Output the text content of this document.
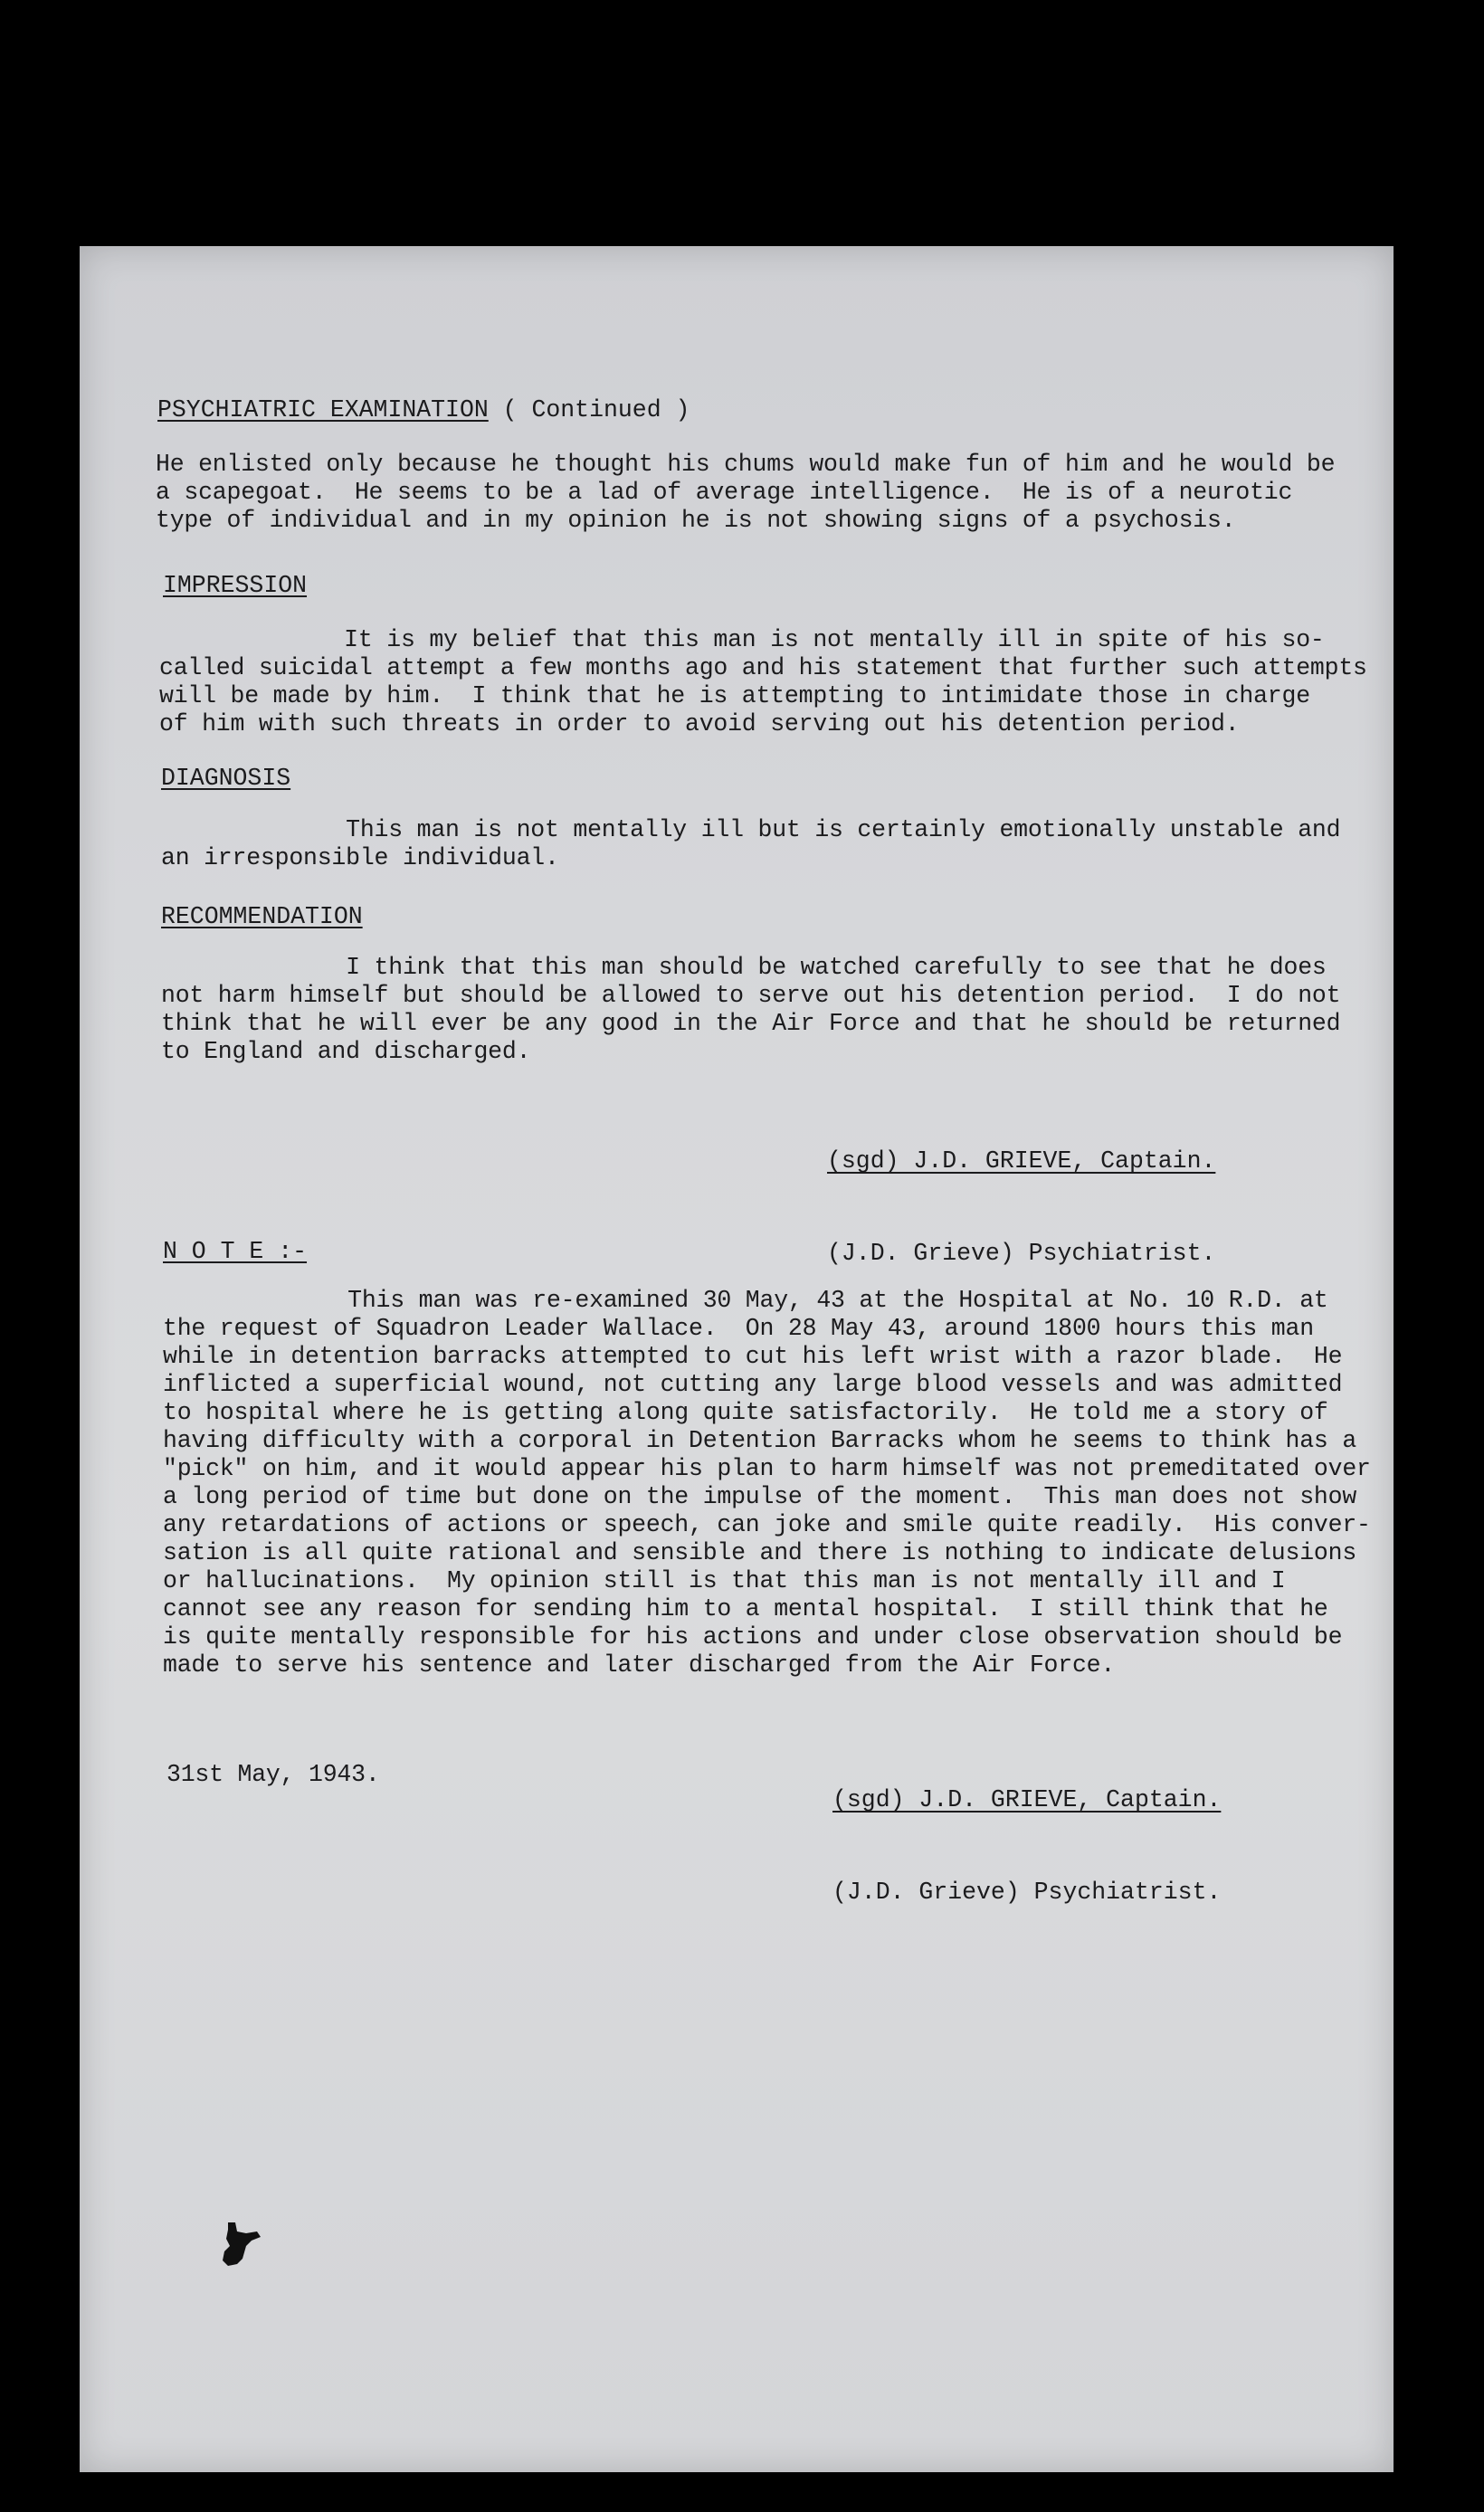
PSYCHIATRIC EXAMINATION ( Continued )
He enlisted only because he thought his chums would make fun of him and he would be
a scapegoat.  He seems to be a lad of average intelligence.  He is of a neurotic
type of individual and in my opinion he is not showing signs of a psychosis.
IMPRESSION
It is my belief that this man is not mentally ill in spite of his so-
called suicidal attempt a few months ago and his statement that further such attempts
will be made by him.  I think that he is attempting to intimidate those in charge
of him with such threats in order to avoid serving out his detention period.
DIAGNOSIS
This man is not mentally ill but is certainly emotionally unstable and
an irresponsible individual.
RECOMMENDATION
I think that this man should be watched carefully to see that he does
not harm himself but should be allowed to serve out his detention period.  I do not
think that he will ever be any good in the Air Force and that he should be returned
to England and discharged.

(sgd) J.D. GRIEVE, Captain.

(J.D. Grieve) Psychiatrist.

N O T E :-
This man was re-examined 30 May, 43 at the Hospital at No. 10 R.D. at
the request of Squadron Leader Wallace.  On 28 May 43, around 1800 hours this man
while in detention barracks attempted to cut his left wrist with a razor blade.  He
inflicted a superficial wound, not cutting any large blood vessels and was admitted
to hospital where he is getting along quite satisfactorily.  He told me a story of
having difficulty with a corporal in Detention Barracks whom he seems to think has a
"pick" on him, and it would appear his plan to harm himself was not premeditated over
a long period of time but done on the impulse of the moment.  This man does not show
any retardations of actions or speech, can joke and smile quite readily.  His conver-
sation is all quite rational and sensible and there is nothing to indicate delusions
or hallucinations.  My opinion still is that this man is not mentally ill and I
cannot see any reason for sending him to a mental hospital.  I still think that he
is quite mentally responsible for his actions and under close observation should be
made to serve his sentence and later discharged from the Air Force.

(sgd) J.D. GRIEVE, Captain.

(J.D. Grieve) Psychiatrist.

31st May, 1943.
